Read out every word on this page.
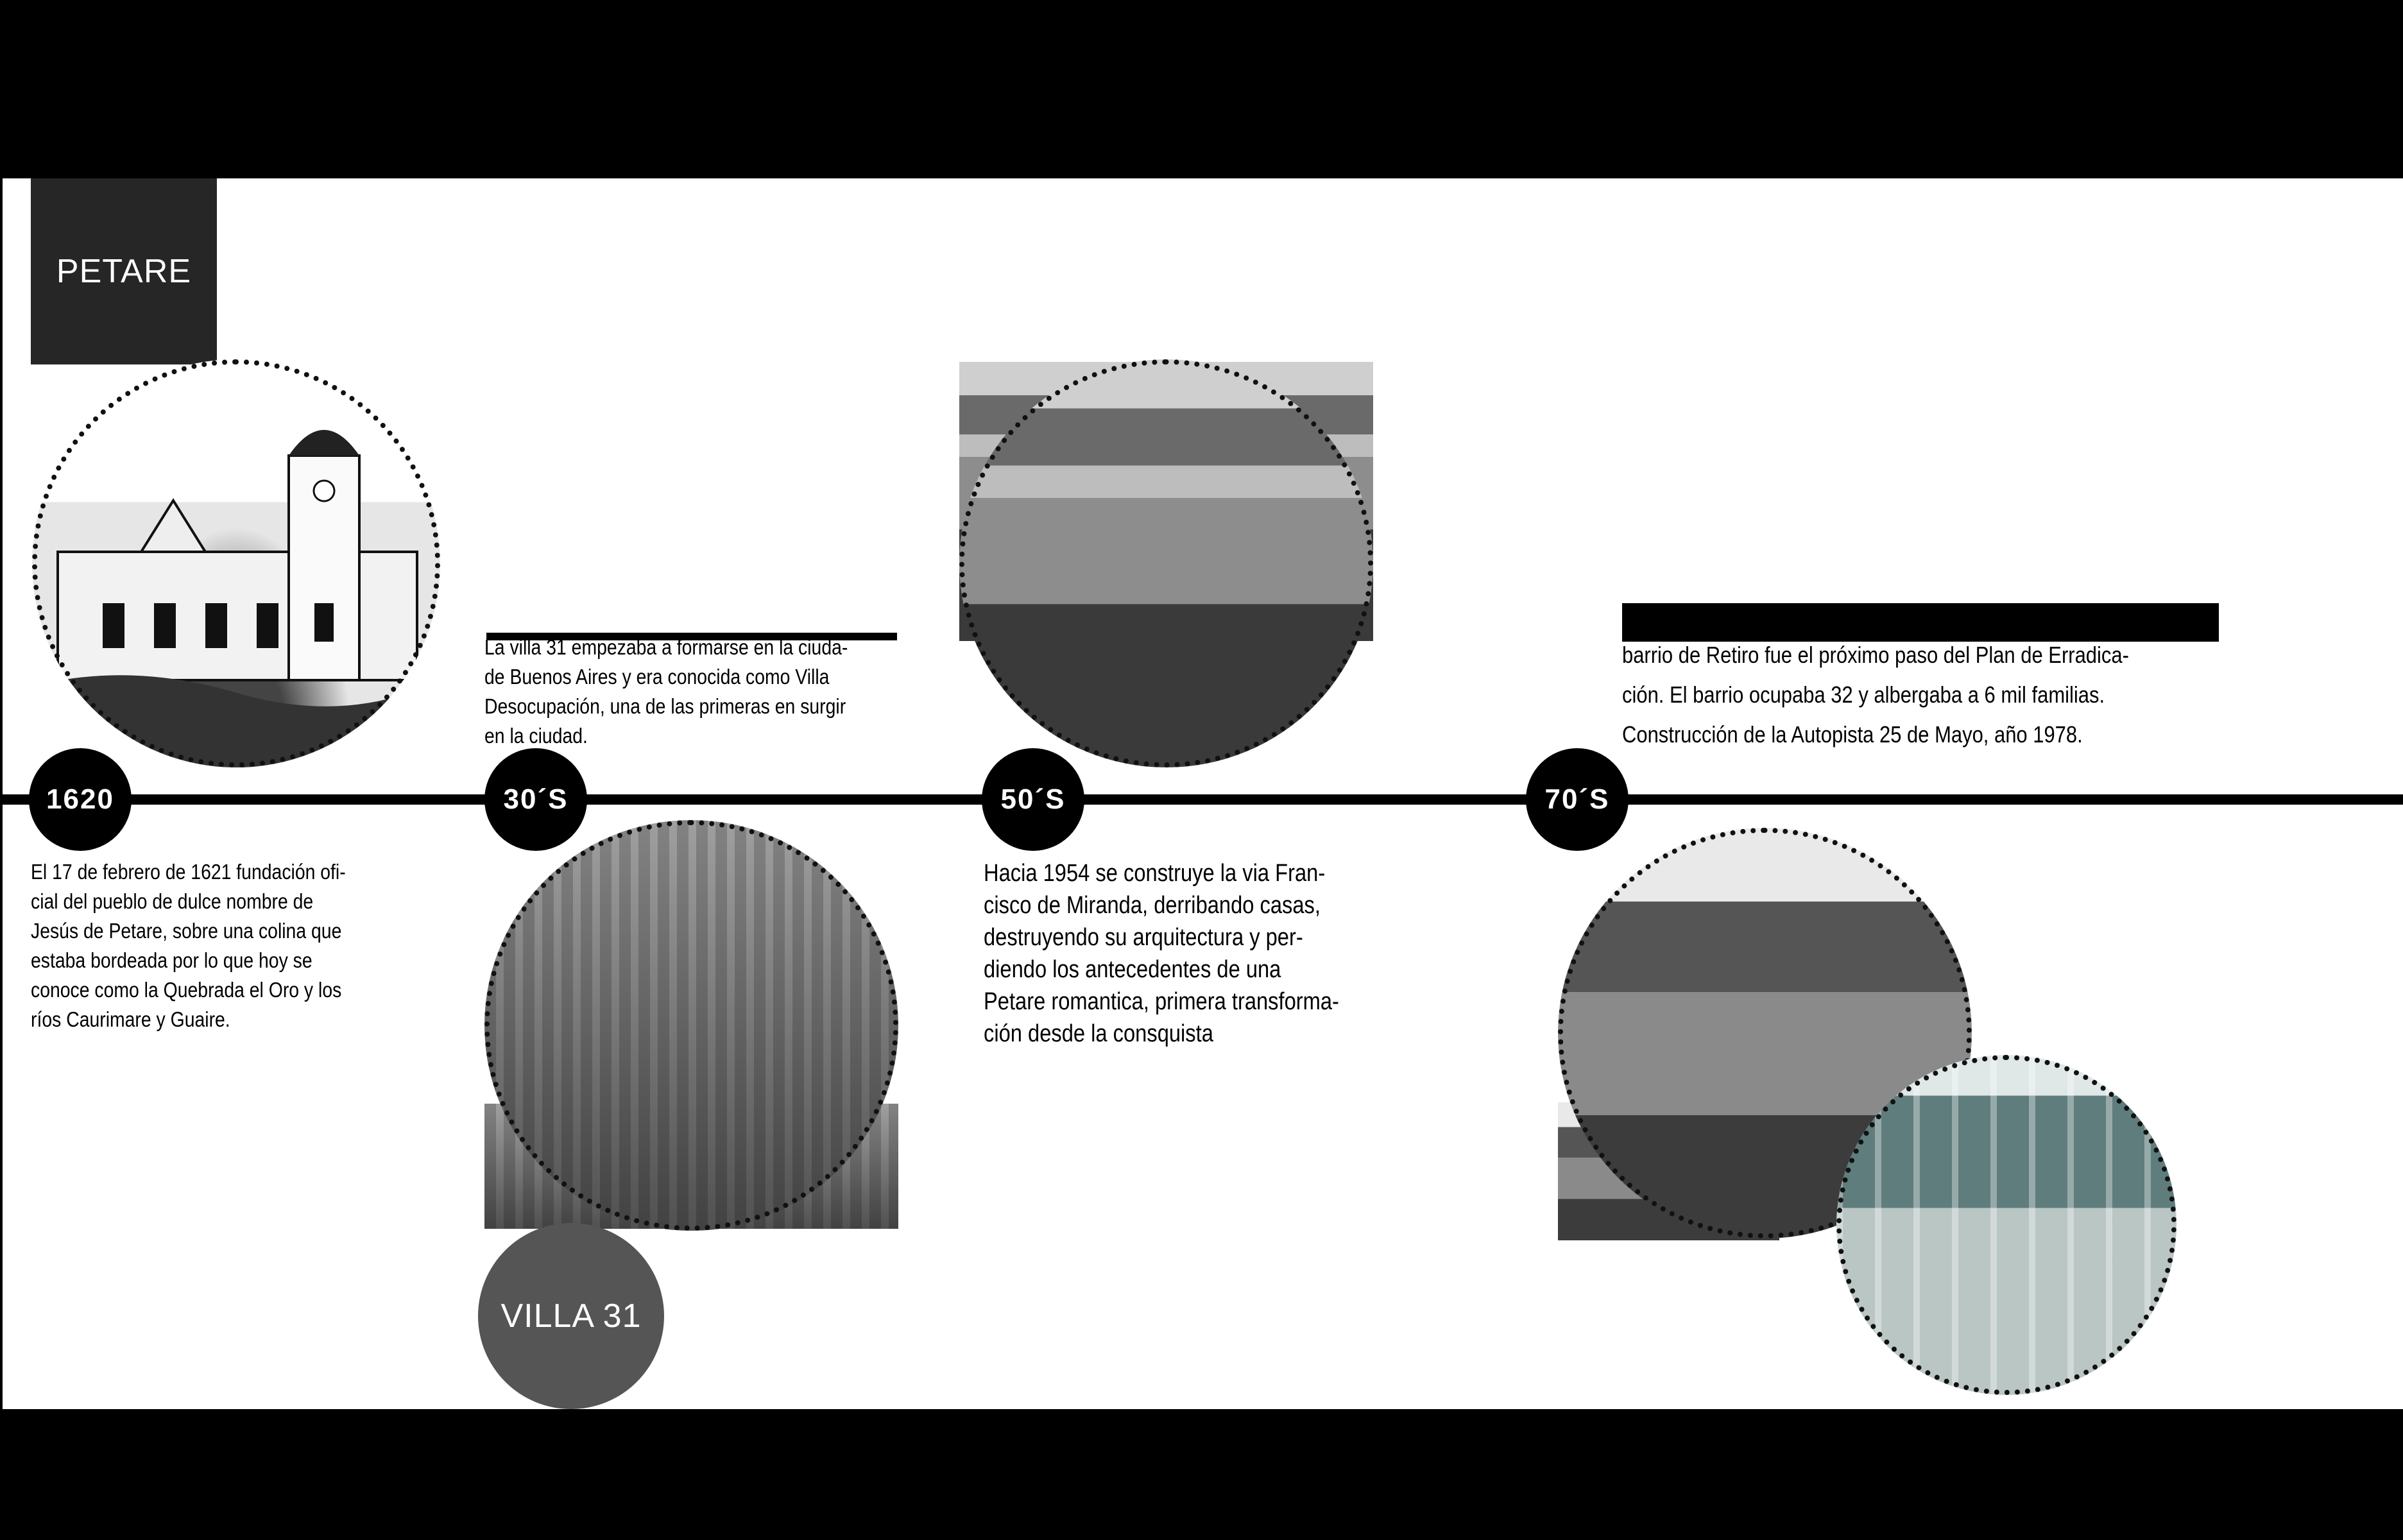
PETARE
La villa 31 empezaba a formarse en la ciuda-
de Buenos Aires y era conocida como Villa
Desocupación, una de las primeras en surgir
en la ciudad.
barrio de Retiro fue el próximo paso del Plan de Erradica-
ción. El barrio ocupaba 32 y albergaba a 6 mil familias.
Construcción de la Autopista 25 de Mayo, año 1978.
1620	30´S	50´S	70´S
El 17 de febrero de 1621 fundación ofi-
cial del pueblo de dulce nombre de
Jesús de Petare, sobre una colina que
estaba bordeada por lo que hoy se
conoce como la Quebrada el Oro y los
ríos Caurimare y Guaire.
VILLA 31
Hacia 1954 se construye la via Fran-
cisco de Miranda, derribando casas,
destruyendo su arquitectura y per-
diendo los antecedentes de una
Petare romantica, primera transforma-
ción desde la consquista
